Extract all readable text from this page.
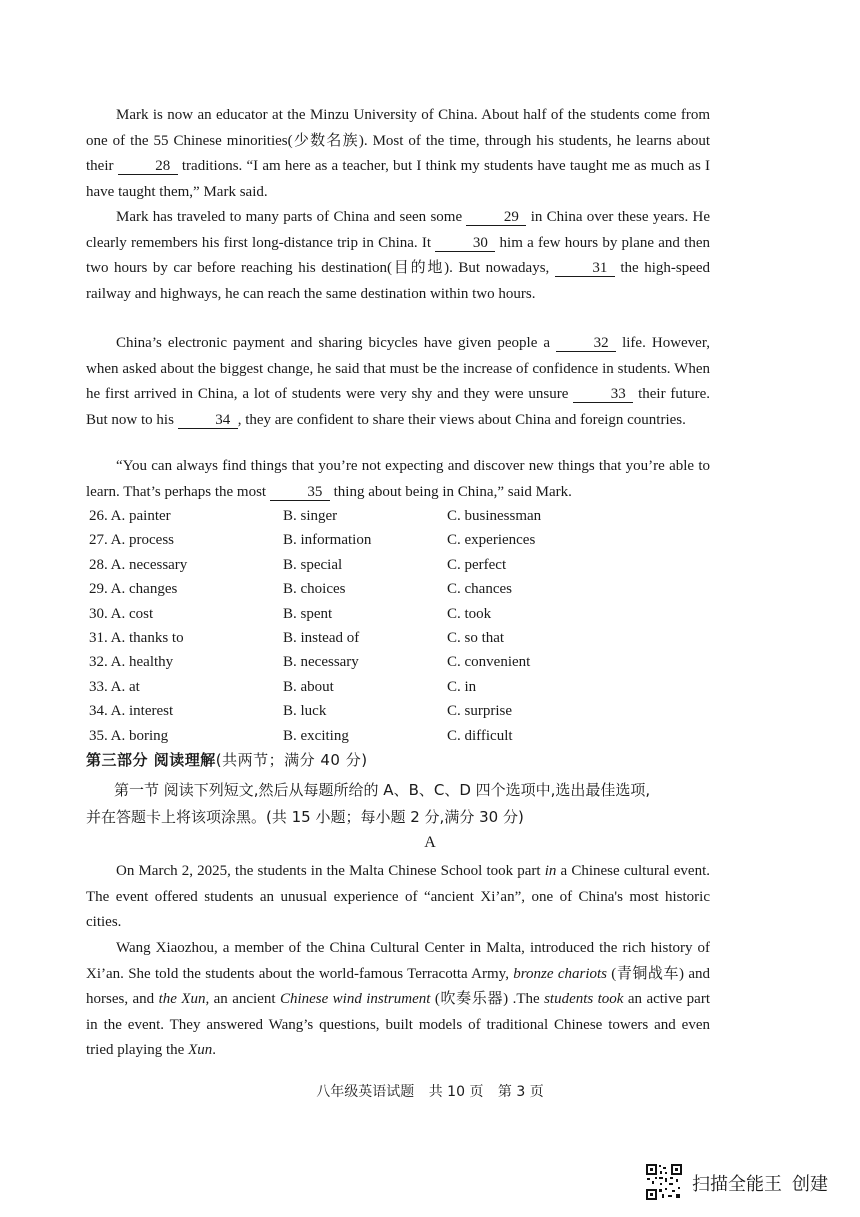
Mark is now an educator at the Minzu University of China. About half of the students come from one of the 55 Chinese minorities(少数名族). Most of the time, through his students, he learns about their	28 traditions. “I am here as a teacher, but I think my students have taught me as much as I have taught them,” Mark said.

Mark has traveled to many parts of China and seen some	29 in China over these years. He clearly remembers his first long-distance trip in China. It	30 him a few hours by plane and then two hours by car before reaching his destination(目的地). But nowadays,	31 the high-speed railway and highways, he can reach the same destination within two hours.

China’s electronic payment and sharing bicycles have given people a	32 life. However, when asked about the biggest change, he said that must be the increase of confidence in students. When he first arrived in China, a lot of students were very shy and they were unsure	33 their future. But now to his	34 , they are confident to share their views about China and foreign countries.

“You can always find things that you’re not expecting and discover new things that you’re able to learn. That’s perhaps the most	35 thing about being in China,” said Mark.

26. A. painter	B. singer	C. businessman
27. A. process	B. information	C. experiences
28. A. necessary	B. special	C. perfect
29. A. changes	B. choices	C. chances
30. A. cost	B. spent	C. took
31. A. thanks to	B. instead of	C. so that
32. A. healthy	B. necessary	C. convenient
33. A. at	B. about	C. in
34. A. interest	B. luck	C. surprise
35. A. boring	B. exciting	C. difficult
第三部分 阅读理解(共两节；满分 40 分)
第一节 阅读下列短文,然后从每题所给的 A、B、C、D 四个选项中,选出最佳选项,
并在答题卡上将该项涂黑。(共 15 小题；每小题 2 分,满分 30 分)
A

On March 2, 2025, the students in the Malta Chinese School took part in a Chinese cultural event. The event offered students an unusual experience of “ancient Xi’an”, one of China's most historic cities.

Wang Xiaozhou, a member of the China Cultural Center in Malta, introduced the rich history of Xi’an. She told the students about the world-famous Terracotta Army, bronze chariots (青铜战车) and horses, and the Xun, an ancient Chinese wind instrument (吹奏乐器) .The students took an active part in the event. They answered Wang’s questions, built models of traditional Chinese towers and even tried playing the Xun.

八年级英语试题 共 10 页 第 3 页
扫描全能王 创建
